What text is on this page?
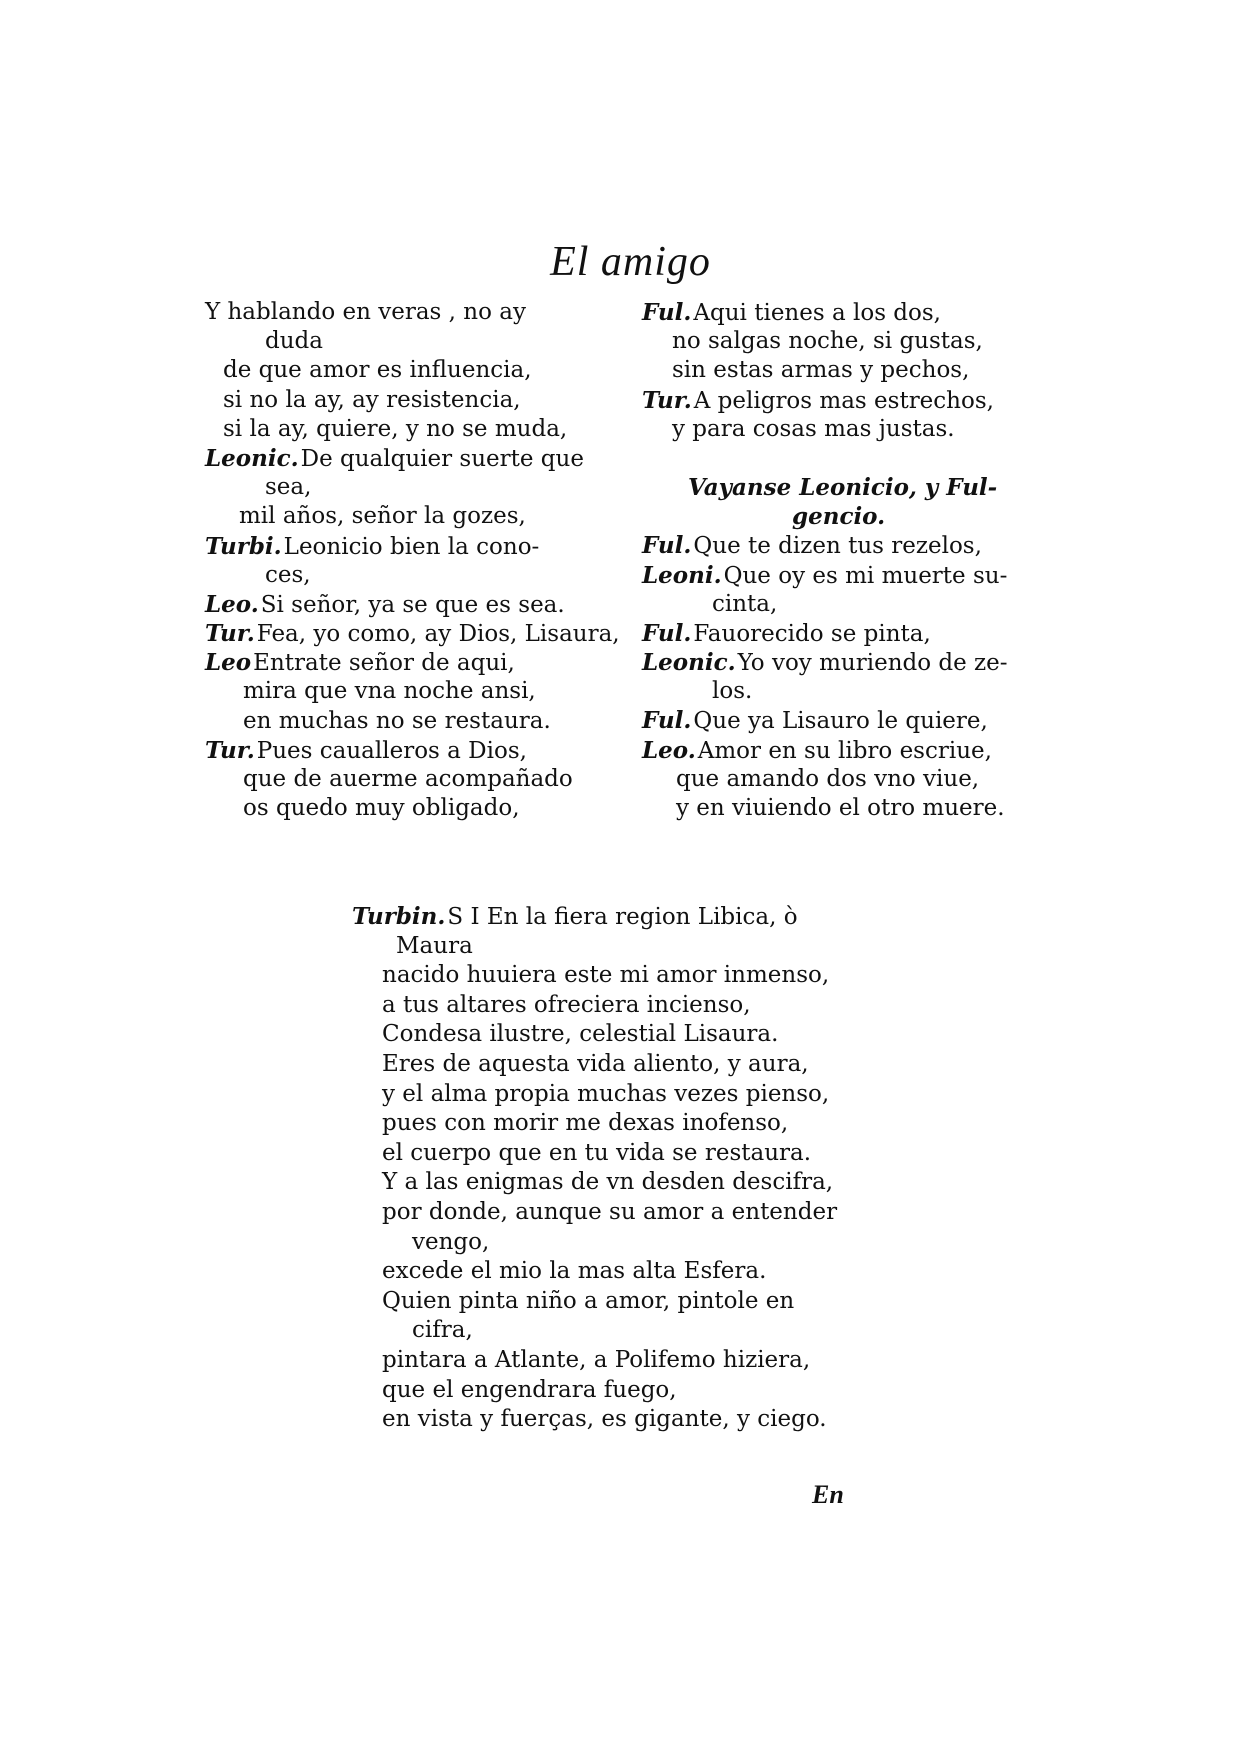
El amigo
Y hablando en veras , no ay
duda
de que amor es influencia,
si no la ay, ay resistencia,
si la ay, quiere, y no se muda,
Leonic.De qualquier suerte que
sea,
mil años, señor la gozes,
Turbi.Leonicio bien la cono-
ces,
Leo.Si señor, ya se que es sea.
Tur.Fea, yo como, ay Dios, Lisaura,
LeoEntrate señor de aqui,
mira que vna noche ansi,
en muchas no se restaura.
Tur.Pues caualleros a Dios,
que de auerme acompañado
os quedo muy obligado,
Ful.Aqui tienes a los dos,
no salgas noche, si gustas,
sin estas armas y pechos,
Tur.A peligros mas estrechos,
y para cosas mas justas.
Vayanse Leonicio, y Ful-
gencio.
Ful.Que te dizen tus rezelos,
Leoni.Que oy es mi muerte su-
cinta,
Ful.Fauorecido se pinta,
Leonic.Yo voy muriendo de ze-
los.
Ful.Que ya Lisauro le quiere,
Leo.Amor en su libro escriue,
que amando dos vno viue,
y en viuiendo el otro muere.
Turbin.S I En la fiera region Libica, ò
Maura
nacido huuiera este mi amor inmenso,
a tus altares ofreciera incienso,
Condesa ilustre, celestial Lisaura.
Eres de aquesta vida aliento, y aura,
y el alma propia muchas vezes pienso,
pues con morir me dexas inofenso,
el cuerpo que en tu vida se restaura.
Y a las enigmas de vn desden descifra,
por donde, aunque su amor a entender
vengo,
excede el mio la mas alta Esfera.
Quien pinta niño a amor, pintole en
cifra,
pintara a Atlante, a Polifemo hiziera,
que el engendrara fuego,
en vista y fuerças, es gigante, y ciego.
En
